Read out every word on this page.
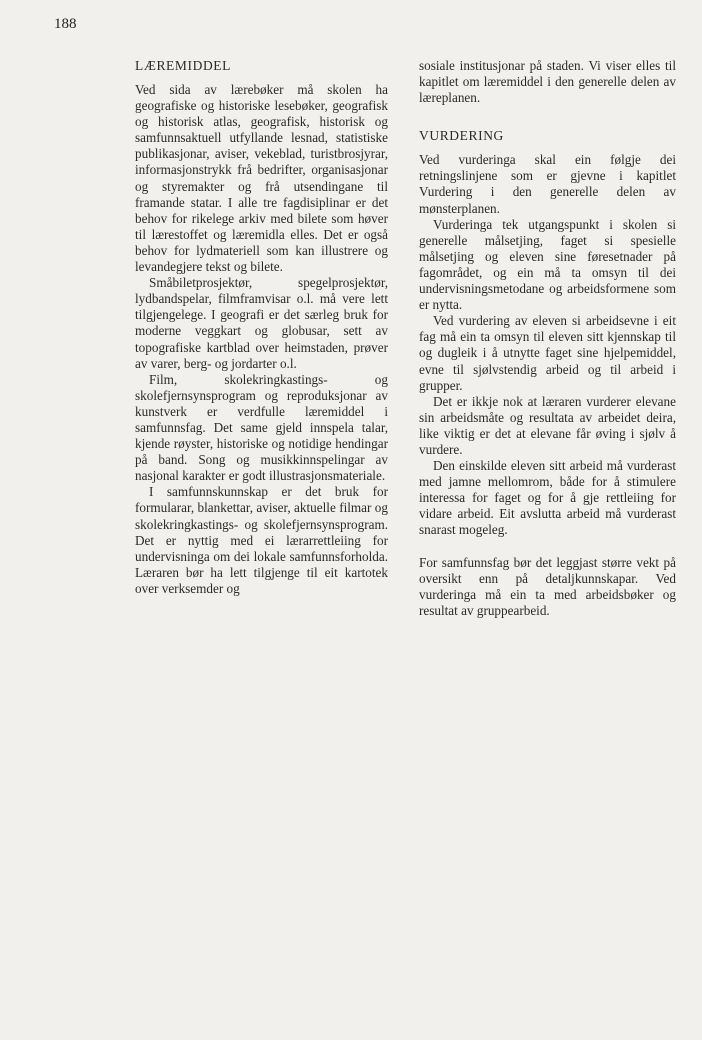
188
LÆREMIDDEL

Ved sida av lærebøker må skolen ha geografiske og historiske lesebøker, geografisk og historisk atlas, geografisk, historisk og samfunnsaktuell utfyllande lesnad, statistiske publikasjonar, aviser, vekeblad, turistbrosjyrar, informasjonstrykk frå bedrifter, organisasjonar og styremakter og frå utsendingane til framande statar. I alle tre fagdisiplinar er det behov for rikelege arkiv med bilete som høver til lærestoffet og læremidla elles. Det er også behov for lydmateriell som kan illustrere og levandegjere tekst og bilete.

Småbiletprosjektør, spegelprosjektør, lydbandspelar, filmframvisar o.l. må vere lett tilgjengelege. I geografi er det særleg bruk for moderne veggkart og globusar, sett av topografiske kartblad over heimstaden, prøver av varer, berg- og jordarter o.l.

Film, skolekringkastings- og skolefjernsynsprogram og reproduksjonar av kunstverk er verdfulle læremiddel i samfunnsfag. Det same gjeld innspela talar, kjende røyster, historiske og notidige hendingar på band. Song og musikkinnspelingar av nasjonal karakter er godt illustrasjonsmateriale.

I samfunnskunnskap er det bruk for formularar, blankettar, aviser, aktuelle filmar og skolekringkastings- og skolefjernsynsprogram. Det er nyttig med ei lærarrettleiing for undervisninga om dei lokale samfunnsforholda. Læraren bør ha lett tilgjenge til eit kartotek over verksemder og

sosiale institusjonar på staden. Vi viser elles til kapitlet om læremiddel i den generelle delen av læreplanen.

VURDERING

Ved vurderinga skal ein følgje dei retningslinjene som er gjevne i kapitlet Vurdering i den generelle delen av mønsterplanen.

Vurderinga tek utgangspunkt i skolen si generelle målsetjing, faget si spesielle målsetjing og eleven sine føresetnader på fagområdet, og ein må ta omsyn til dei undervisningsmetodane og arbeidsformene som er nytta.

Ved vurdering av eleven si arbeidsevne i eit fag må ein ta omsyn til eleven sitt kjennskap til og dugleik i å utnytte faget sine hjelpemiddel, evne til sjølvstendig arbeid og til arbeid i grupper.

Det er ikkje nok at læraren vurderer elevane sin arbeidsmåte og resultata av arbeidet deira, like viktig er det at elevane får øving i sjølv å vurdere.

Den einskilde eleven sitt arbeid må vurderast med jamne mellomrom, både for å stimulere interessa for faget og for å gje rettleiing for vidare arbeid. Eit avslutta arbeid må vurderast snarast mogeleg.

For samfunnsfag bør det leggjast større vekt på oversikt enn på detaljkunnskapar. Ved vurderinga må ein ta med arbeidsbøker og resultat av gruppearbeid.
